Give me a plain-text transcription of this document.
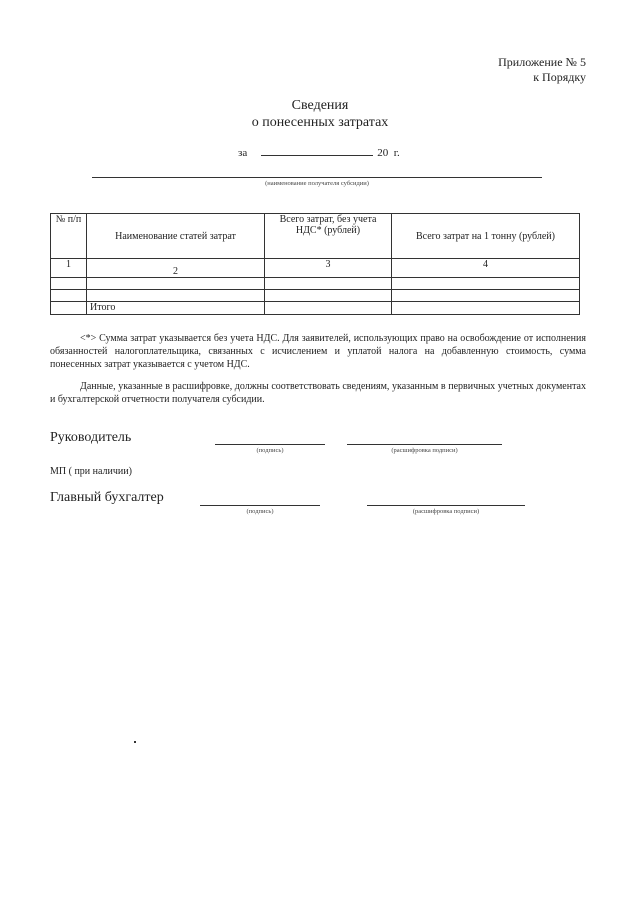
Приложение № 5
к Порядку
Сведения
о понесенных затратах
за	20 г.
(наименование получателя субсидии)
№ п/п	Наименование статей затрат	Всего затрат, без учета НДС* (рублей)	Всего затрат на 1 тонну (рублей)
1	2	3	4

	Итого		
<*> Сумма затрат указывается без учета НДС. Для заявителей, использующих право на освобождение от исполнения обязанностей налогоплательщика, связанных с исчислением и уплатой налога на добавленную стоимость, сумма понесенных затрат указывается с учетом НДС.
Данные, указанные в расшифровке, должны соответствовать сведениям, указанным в первичных учетных документах и бухгалтерской отчетности получателя субсидии.
Руководитель
(подпись)	(расшифровка подписи)
МП ( при наличии)
Главный бухгалтер
(подпись)	(расшифровка подписи)
